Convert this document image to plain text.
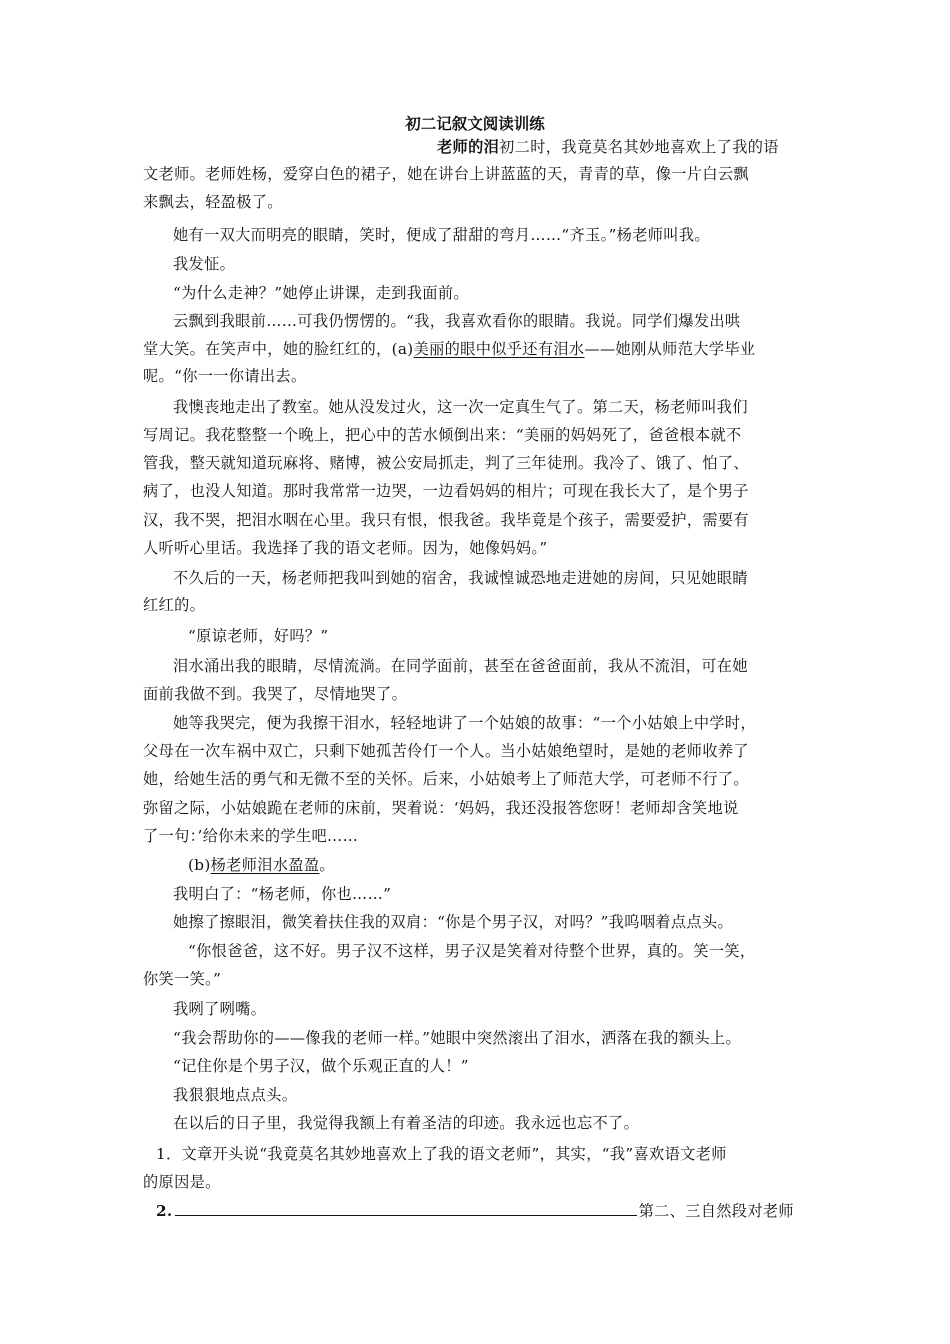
初二记叙文阅读训练
老师的泪初二时，我竟莫名其妙地喜欢上了我的语
文老师。老师姓杨，爱穿白色的裙子，她在讲台上讲蓝蓝的天，青青的草，像一片白云飘
来飘去，轻盈极了。
她有一双大而明亮的眼睛，笑时，便成了甜甜的弯月……“齐玉。”杨老师叫我。
我发怔。
“为什么走神？”她停止讲课，走到我面前。
云飘到我眼前……可我仍愣愣的。“我，我喜欢看你的眼睛。我说。同学们爆发出哄
堂大笑。在笑声中，她的脸红红的，(a)美丽的眼中似乎还有泪水——她刚从师范大学毕业
呢。“你一一你请出去。
我懊丧地走出了教室。她从没发过火，这一次一定真生气了。第二天，杨老师叫我们
写周记。我花整整一个晚上，把心中的苦水倾倒出来：“美丽的妈妈死了，爸爸根本就不
管我，整天就知道玩麻将、赌博，被公安局抓走，判了三年徒刑。我冷了、饿了、怕了、
病了，也没人知道。那时我常常一边哭，一边看妈妈的相片；可现在我长大了，是个男子
汉，我不哭，把泪水咽在心里。我只有恨，恨我爸。我毕竟是个孩子，需要爱护，需要有
人听听心里话。我选择了我的语文老师。因为，她像妈妈。”
不久后的一天，杨老师把我叫到她的宿舍，我诚惶诚恐地走进她的房间，只见她眼睛
红红的。
“原谅老师，好吗？”
泪水涌出我的眼睛，尽情流淌。在同学面前，甚至在爸爸面前，我从不流泪，可在她
面前我做不到。我哭了，尽情地哭了。
她等我哭完，便为我擦干泪水，轻轻地讲了一个姑娘的故事：“一个小姑娘上中学时，
父母在一次车祸中双亡，只剩下她孤苦伶仃一个人。当小姑娘绝望时，是她的老师收养了
她，给她生活的勇气和无微不至的关怀。后来，小姑娘考上了师范大学，可老师不行了。
弥留之际，小姑娘跪在老师的床前，哭着说：‘妈妈，我还没报答您呀！老师却含笑地说
了一句：’给你未来的学生吧……
(b)杨老师泪水盈盈。
我明白了：“杨老师，你也……”
她擦了擦眼泪，微笑着扶住我的双肩：“你是个男子汉，对吗？”我呜咽着点点头。
“你恨爸爸，这不好。男子汉不这样，男子汉是笑着对待整个世界，真的。笑一笑，
你笑一笑。”
我咧了咧嘴。
“我会帮助你的——像我的老师一样。”她眼中突然滚出了泪水，洒落在我的额头上。
“记住你是个男子汉，做个乐观正直的人！”
我狠狠地点点头。
在以后的日子里，我觉得我额上有着圣洁的印迹。我永远也忘不了。
1．文章开头说“我竟莫名其妙地喜欢上了我的语文老师”，其实，“我”喜欢语文老师
的原因是。
2.	第二、三自然段对老师
